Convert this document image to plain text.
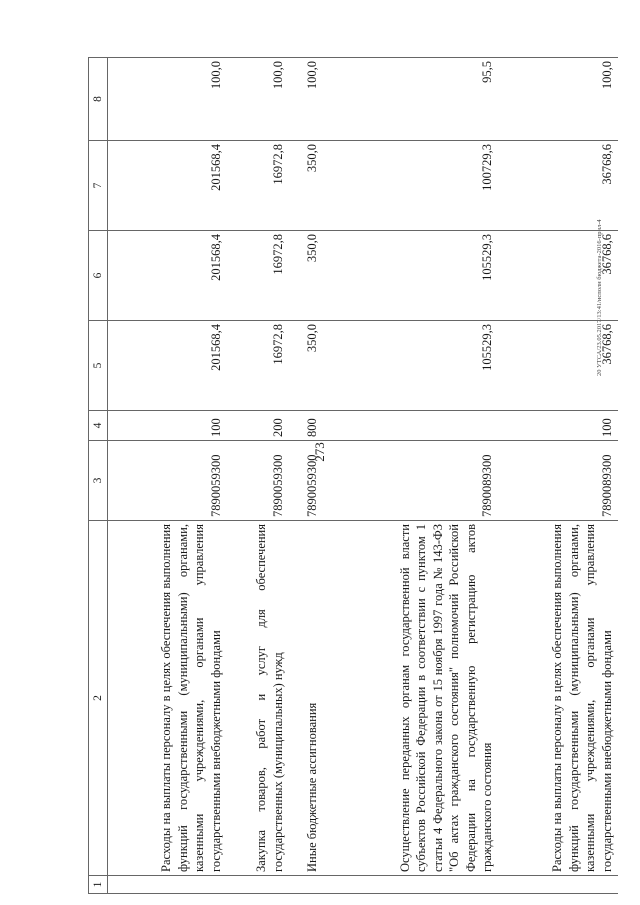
273
20 УТСА/23.05.2017/13:41/исполн бюджета-2016-прил-4
1	2	3	4	5	6	7	8
	Расходы на выплаты персоналу в целях обеспечения выполнения функций государственными (муниципальными) органами, казенными учреждениями, органами управления государственными внебюджетными фондами	7890059300	100	201568,4	201568,4	201568,4	100,0
	Закупка товаров, работ и услуг для обеспечения государственных (муниципальных) нужд	7890059300	200	16972,8	16972,8	16972,8	100,0
	Иные бюджетные ассигнования	7890059300	800	350,0	350,0	350,0	100,0
	Осуществление переданных органам государственной власти субъектов Российской Федерации в соответствии с пунктом 1 статьи 4 Федерального закона от 15 ноября 1997 года № 143-ФЗ "Об актах гражданского состояния" полномочий Российской Федерации на государственную регистрацию актов гражданского состояния	7890089300		105529,3	105529,3	100729,3	95,5
	Расходы на выплаты персоналу в целях обеспечения выполнения функций государственными (муниципальными) органами, казенными учреждениями, органами управления государственными внебюджетными фондами	7890089300	100	36768,6	36768,6	36768,6	100,0
